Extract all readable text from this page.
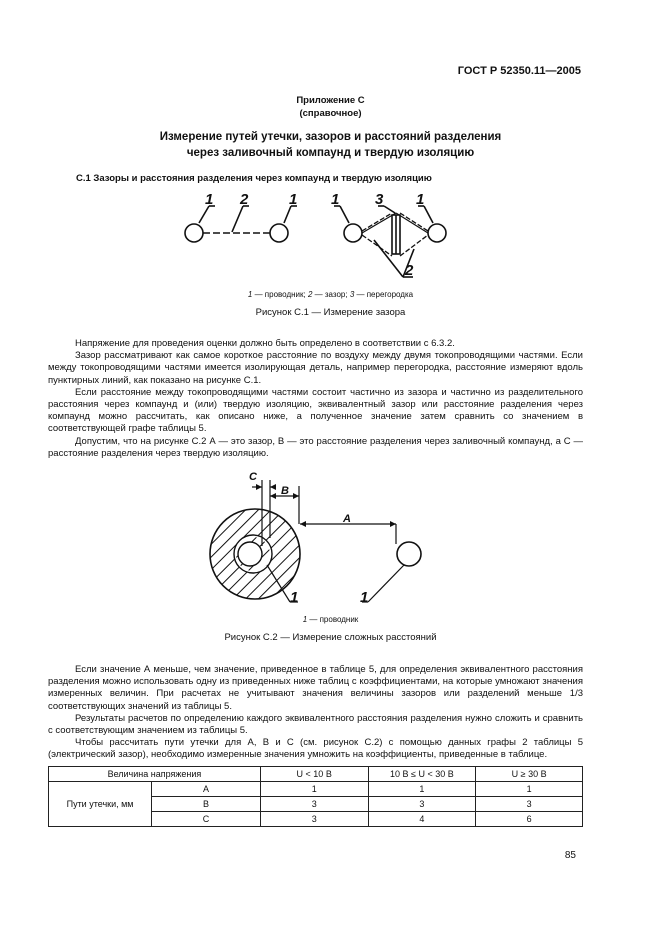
ГОСТ Р 52350.11—2005
Приложение С
(справочное)
Измерение путей утечки, зазоров и расстояний разделения
через заливочный компаунд и твердую изоляцию
С.1 Зазоры и расстояния разделения через компаунд и твердую изоляцию
1 2	1 1 3 1
2
1 — проводник; 2 — зазор; 3 — перегородка
Рисунок С.1 — Измерение зазора

Напряжение для проведения оценки должно быть определено в соответствии с 6.3.2.

Зазор рассматривают как самое короткое расстояние по воздуху между двумя токопроводящими частями. Если между токопроводящими частями имеется изолирующая деталь, например перегородка, расстояние измеряют вдоль пунктирных линий, как показано на рисунке С.1.

Если расстояние между токопроводящими частями состоит частично из зазора и частично из разделительного расстояния через компаунд и (или) твердую изоляцию, эквивалентный зазор или расстояние разделения через компаунд можно рассчитать, как описано ниже, а полученное значение затем сравнить со значением в соответствующей графе таблицы 5.

Допустим, что на рисунке С.2 А — это зазор, В — это расстояние разделения через заливочный компаунд, а С — расстояние разделения через твердую изоляцию.

C
B
A
1	1
1 — проводник
Рисунок С.2 — Измерение сложных расстояний

Если значение А меньше, чем значение, приведенное в таблице 5, для определения эквивалентного расстояния разделения можно использовать одну из приведенных ниже таблиц с коэффициентами, на которые умножают значения измеренных величин. При расчетах не учитывают значения величины зазоров или разделений меньше 1/3 соответствующих значений из таблицы 5.

Результаты расчетов по определению каждого эквивалентного расстояния разделения нужно сложить и сравнить с соответствующим значением из таблицы 5.

Чтобы рассчитать пути утечки для А, В и С (см. рисунок С.2) с помощью данных графы 2 таблицы 5 (электрический зазор), необходимо измеренные значения умножить на коэффициенты, приведенные в таблице.

Величина напряжения		U < 10 В	10 В ≤ U < 30 В	U ≥ 30 В
Пути утечки, мм	А	1	1	1
	В	3	3	3
	С	3	4	6
85
